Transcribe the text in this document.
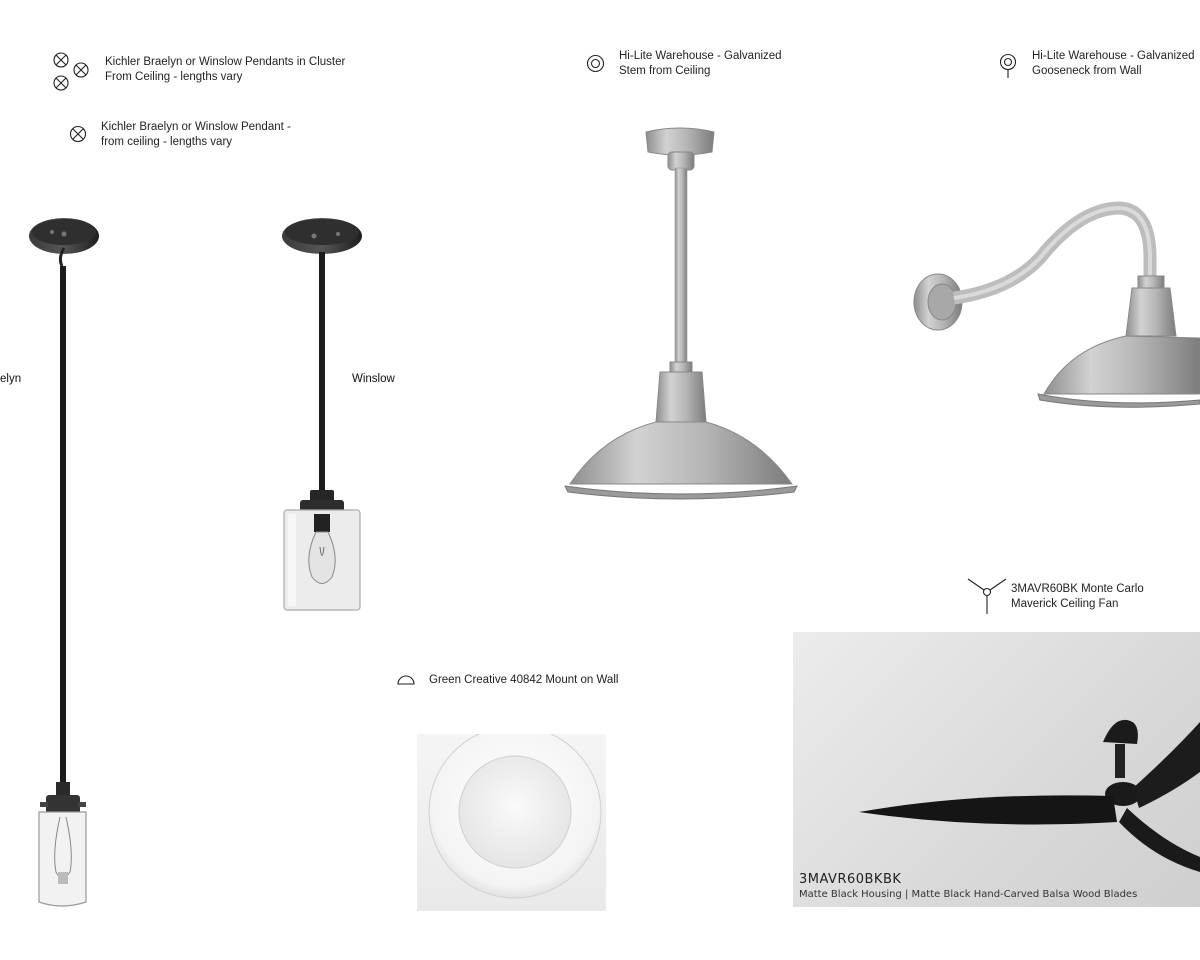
Kichler Braelyn or Winslow Pendants in Cluster
From Ceiling - lengths vary
Kichler Braelyn or Winslow Pendant -
from ceiling - lengths vary
Hi-Lite Warehouse - Galvanized
Stem from Ceiling
Hi-Lite Warehouse - Galvanized
Gooseneck from Wall
3MAVR60BK Monte Carlo
Maverick Ceiling Fan
Green Creative 40842 Mount on Wall
elyn	Winslow
3MAVR60BKBK
Matte Black Housing | Matte Black Hand-Carved Balsa Wood Blades
